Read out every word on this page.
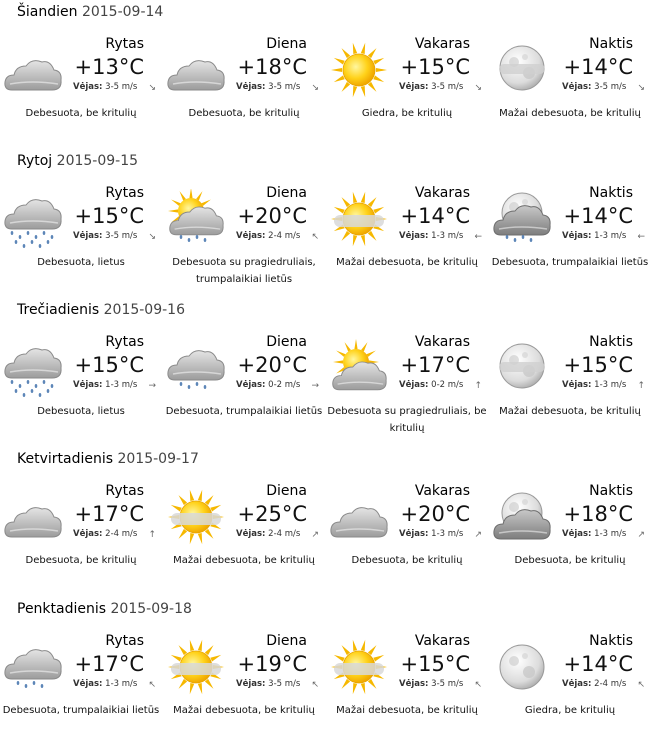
Šiandien 2015-09-14
Rytas
+13°C
Vėjas: 3-5 m/s ↘
Debesuota, be kritulių
Diena
+18°C
Vėjas: 3-5 m/s ↘
Debesuota, be kritulių
Vakaras
+15°C
Vėjas: 3-5 m/s ↘
Giedra, be kritulių
Naktis
+14°C
Vėjas: 3-5 m/s ↘
Mažai debesuota, be kritulių
Rytoj 2015-09-15
Rytas
+15°C
Vėjas: 3-5 m/s ↘
Debesuota, lietus
Diena
+20°C
Vėjas: 2-4 m/s ↖
Debesuota su pragiedruliais, trumpalaikiai lietūs
Vakaras
+14°C
Vėjas: 1-3 m/s ←
Mažai debesuota, be kritulių
Naktis
+14°C
Vėjas: 1-3 m/s ←
Debesuota, trumpalaikiai lietūs
Trečiadienis 2015-09-16
Rytas
+15°C
Vėjas: 1-3 m/s →
Debesuota, lietus
Diena
+20°C
Vėjas: 0-2 m/s →
Debesuota, trumpalaikiai lietūs
Vakaras
+17°C
Vėjas: 0-2 m/s ↑
Debesuota su pragiedruliais, be kritulių
Naktis
+15°C
Vėjas: 1-3 m/s ↑
Mažai debesuota, be kritulių
Ketvirtadienis 2015-09-17
Rytas
+17°C
Vėjas: 2-4 m/s ↑
Debesuota, be kritulių
Diena
+25°C
Vėjas: 2-4 m/s ↗
Mažai debesuota, be kritulių
Vakaras
+20°C
Vėjas: 1-3 m/s ↗
Debesuota, be kritulių
Naktis
+18°C
Vėjas: 1-3 m/s ↗
Debesuota, be kritulių
Penktadienis 2015-09-18
Rytas
+17°C
Vėjas: 1-3 m/s ↖
Debesuota, trumpalaikiai lietūs
Diena
+19°C
Vėjas: 3-5 m/s ↖
Mažai debesuota, be kritulių
Vakaras
+15°C
Vėjas: 3-5 m/s ↖
Mažai debesuota, be kritulių
Naktis
+14°C
Vėjas: 2-4 m/s ↖
Giedra, be kritulių
